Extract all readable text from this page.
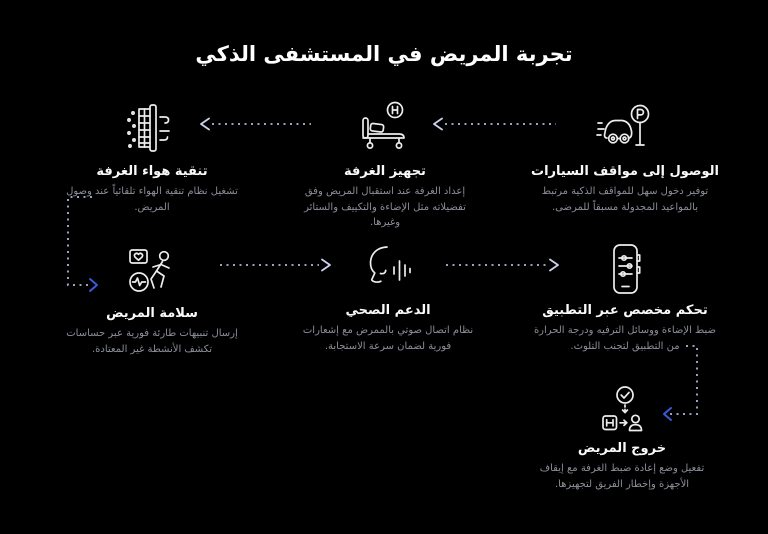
تجربة المريض في المستشفى الذكي
الوصول إلى مواقف السيارات
توفير دخول سهل للمواقف الذكية مرتبط بالمواعيد المجدولة مسبقاً للمرضى.
تجهيز الغرفة
إعداد الغرفة عند استقبال المريض وفق تفضيلاته مثل الإضاءة والتكييف والستائر وغيرها.
تنقية هواء الغرفة
تشغيل نظام تنقية الهواء تلقائياً عند وصول المريض.
سلامة المريض
إرسال تنبيهات طارئة فورية عبر حساسات تكشف الأنشطة غير المعتادة.
الدعم الصحي
نظام اتصال صوتي بالممرض مع إشعارات فورية لضمان سرعة الاستجابة.
تحكم مخصص عبر التطبيق
ضبط الإضاءة ووسائل الترفيه ودرجة الحرارة من التطبيق لتجنب التلوث.
خروج المريض
تفعيل وضع إعادة ضبط الغرفة مع إيقاف الأجهزة وإخطار الفريق لتجهيزها.
